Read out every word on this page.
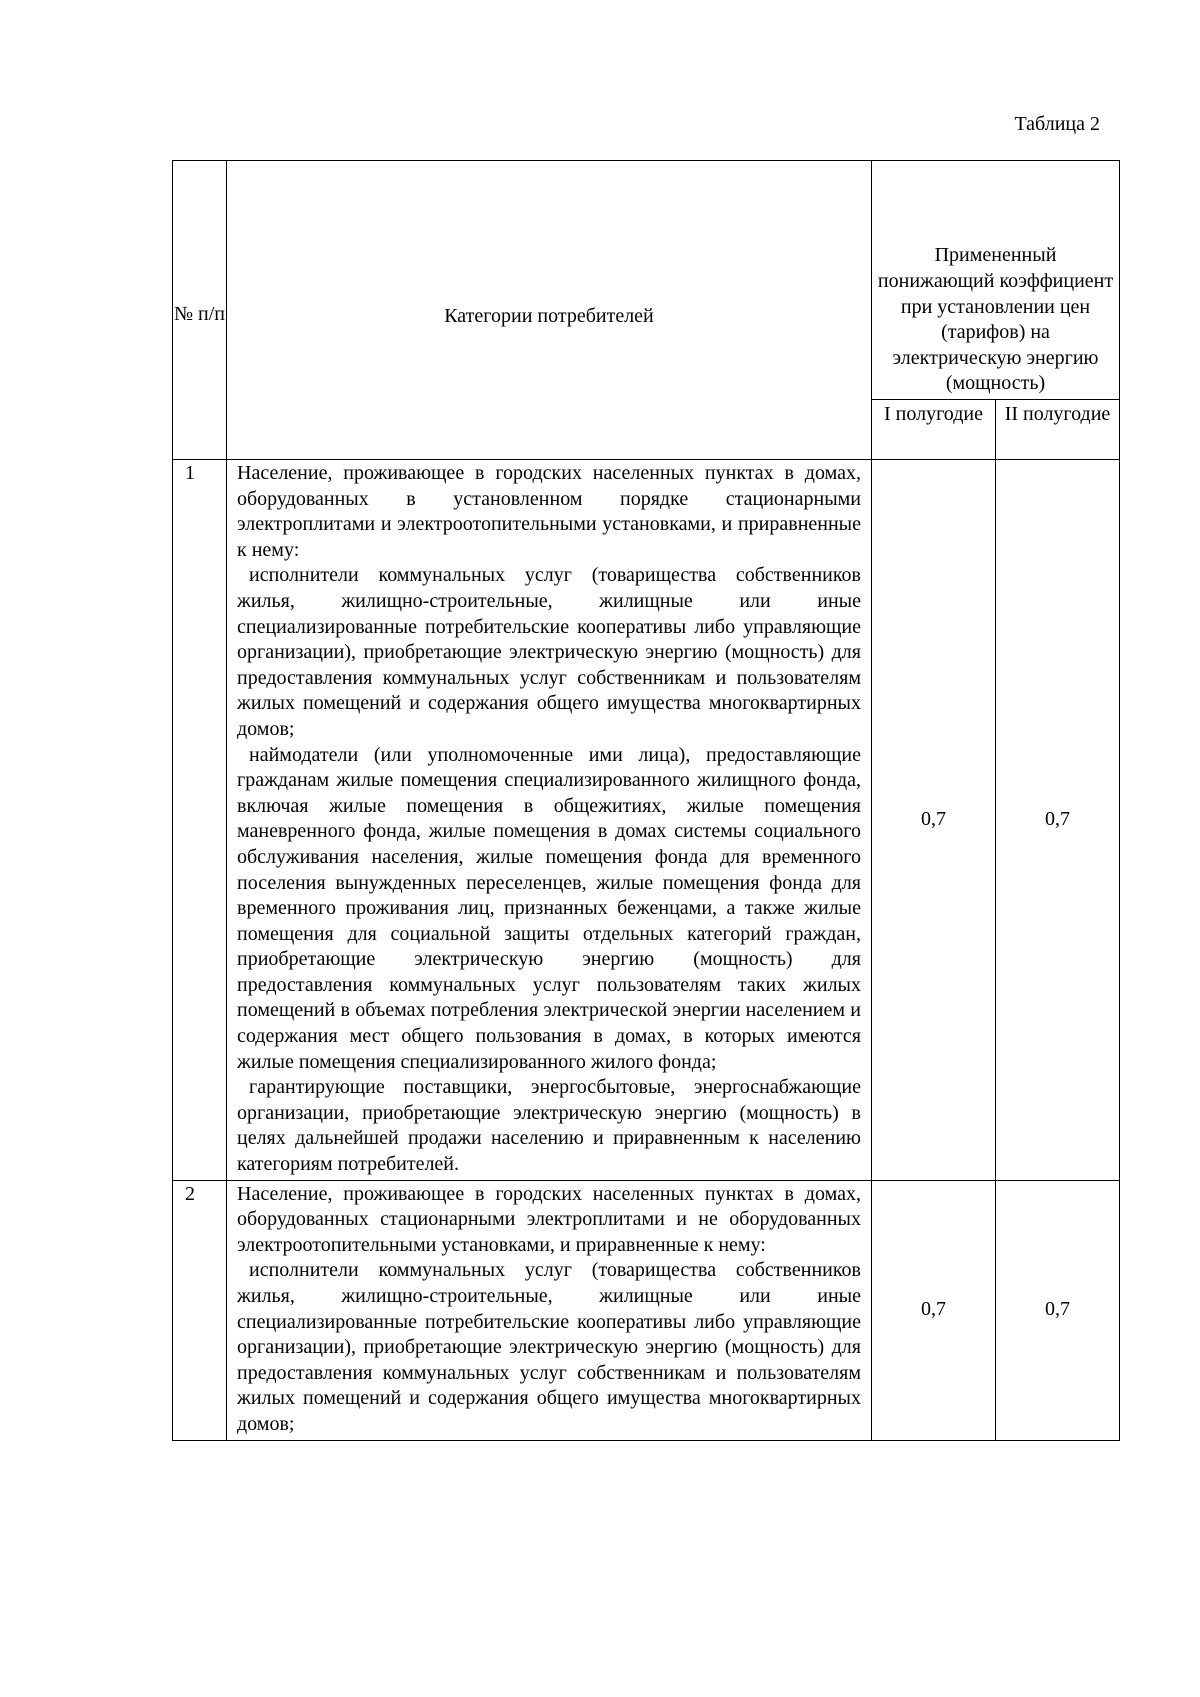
Таблица 2
№ п/п	Категории потребителей	Примененный понижающий коэффициент при установлении цен (тарифов) на электрическую энергию (мощность)	
		I полугодие	II полугодие
1	Население, проживающее в городских населенных пунктах в домах, оборудованных в установленном порядке стационарными электроплитами и электроотопительными установками, и приравненные к нему:

исполнители коммунальных услуг (товарищества собственников жилья, жилищно-строительные, жилищные или иные специализированные потребительские кооперативы либо управляющие организации), приобретающие электрическую энергию (мощность) для предоставления коммунальных услуг собственникам и пользователям жилых помещений и содержания общего имущества многоквартирных домов;

наймодатели (или уполномоченные ими лица), предоставляющие гражданам жилые помещения специализированного жилищного фонда, включая жилые помещения в общежитиях, жилые помещения маневренного фонда, жилые помещения в домах системы социального обслуживания населения, жилые помещения фонда для временного поселения вынужденных переселенцев, жилые помещения фонда для временного проживания лиц, признанных беженцами, а также жилые помещения для социальной защиты отдельных категорий граждан, приобретающие электрическую энергию (мощность) для предоставления коммунальных услуг пользователям таких жилых помещений в объемах потребления электрической энергии населением и содержания мест общего пользования в домах, в которых имеются жилые помещения специализированного жилого фонда;

гарантирующие поставщики, энергосбытовые, энергоснабжающие организации, приобретающие электрическую энергию (мощность) в целях дальнейшей продажи населению и приравненным к населению категориям потребителей.	0,7	0,7
2	Население, проживающее в городских населенных пунктах в домах, оборудованных стационарными электроплитами и не оборудованных электроотопительными установками, и приравненные к нему:

исполнители коммунальных услуг (товарищества собственников жилья, жилищно-строительные, жилищные или иные специализированные потребительские кооперативы либо управляющие организации), приобретающие электрическую энергию (мощность) для предоставления коммунальных услуг собственникам и пользователям жилых помещений и содержания общего имущества многоквартирных домов;	0,7	0,7
